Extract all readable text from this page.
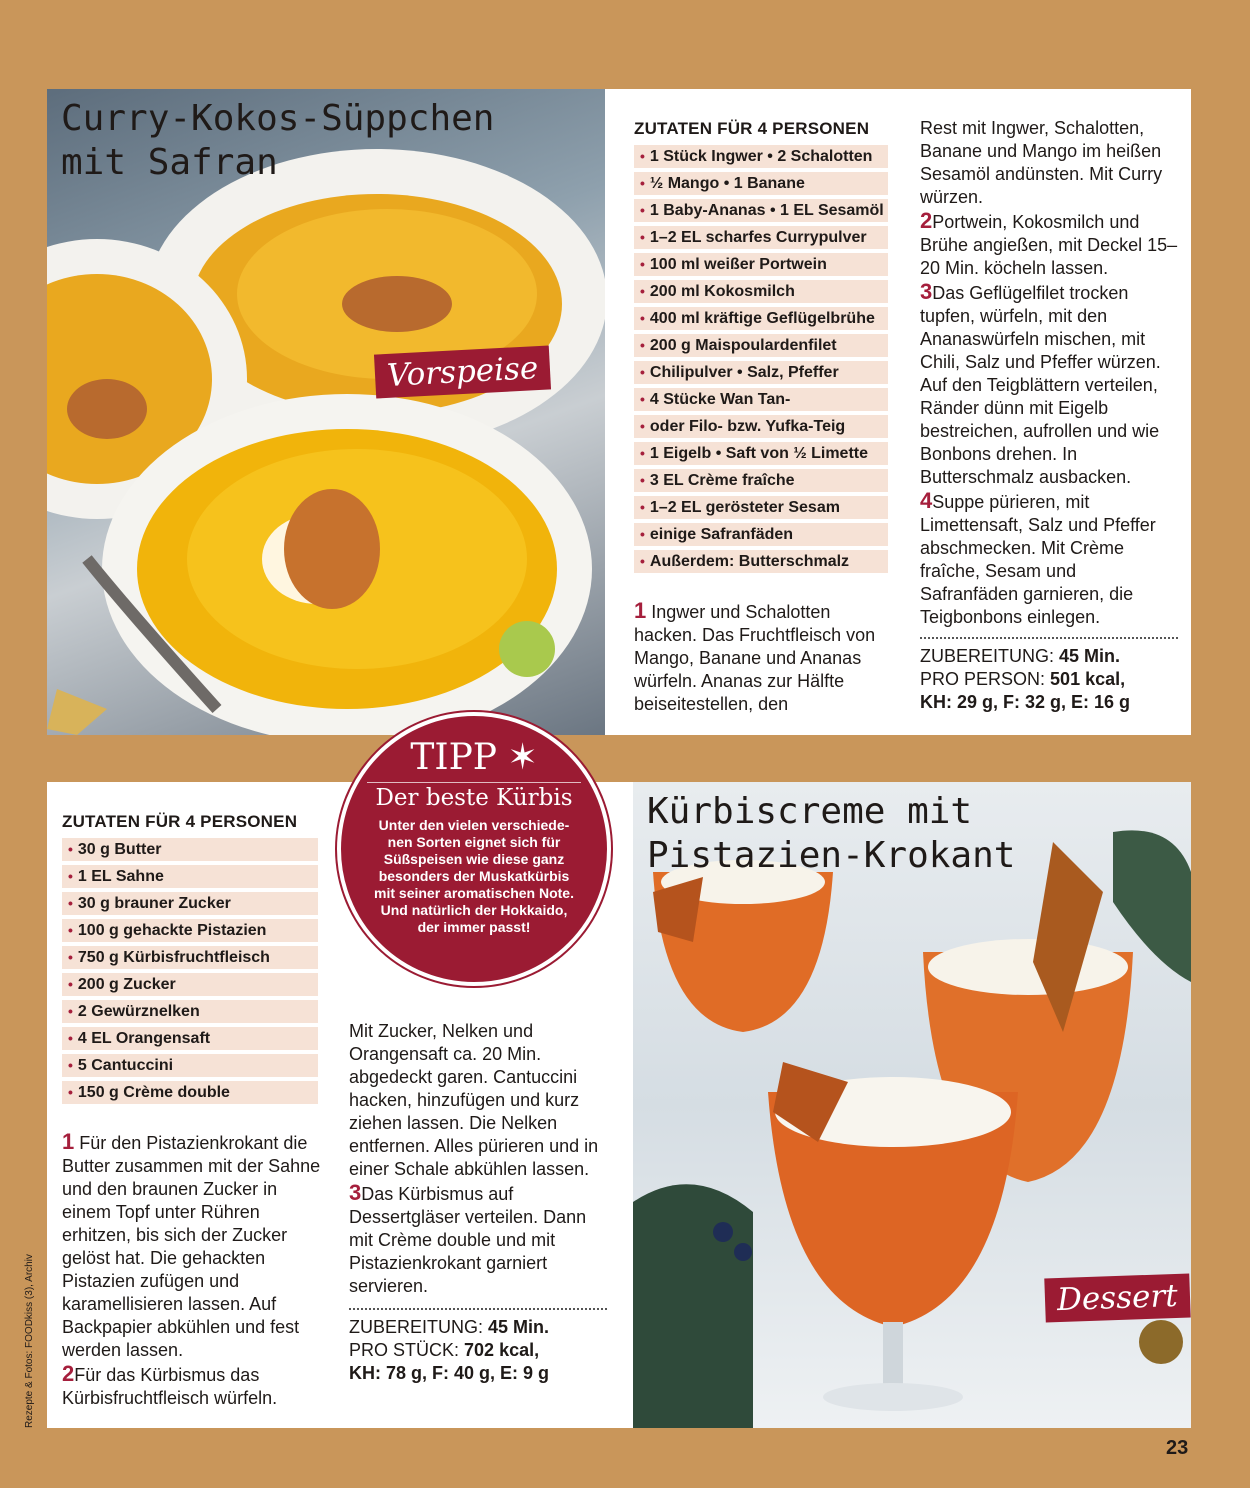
Curry-Kokos-Süppchen
mit Safran
Vorspeise
ZUTATEN FÜR 4 PERSONEN
• 1 Stück Ingwer • 2 Schalotten
• ½ Mango • 1 Banane
• 1 Baby-Ananas • 1 EL Sesamöl
• 1–2 EL scharfes Currypulver
• 100 ml weißer Portwein
• 200 ml Kokosmilch
• 400 ml kräftige Geflügelbrühe
• 200 g Maispoulardenfilet
• Chilipulver • Salz, Pfeffer
• 4 Stücke Wan Tan-
• oder Filo- bzw. Yufka-Teig
• 1 Eigelb • Saft von ½ Limette
• 3 EL Crème fraîche
• 1–2 EL gerösteter Sesam
• einige Safranfäden
• Außerdem: Butterschmalz
1 Ingwer und Schalotten hacken. Das Fruchtfleisch von Mango, Banane und Ananas würfeln. Ananas zur Hälfte beiseitestellen, den
Rest mit Ingwer, Schalotten, Banane und Mango im heißen Sesamöl andünsten. Mit Curry würzen.
2Portwein, Kokosmilch und Brühe angießen, mit Deckel 15–20 Min. köcheln lassen.
3Das Geflügelfilet trocken tupfen, würfeln, mit den Ananaswürfeln mischen, mit Chili, Salz und Pfeffer würzen. Auf den Teigblättern verteilen, Ränder dünn mit Eigelb bestreichen, aufrollen und wie Bonbons drehen. In Butterschmalz ausbacken.
4Suppe pürieren, mit Limettensaft, Salz und Pfeffer abschmecken. Mit Crème fraîche, Sesam und Safranfäden garnieren, die Teigbonbons einlegen.
ZUBEREITUNG: 45 Min.
PRO PERSON: 501 kcal,
KH: 29 g, F: 32 g, E: 16 g
ZUTATEN FÜR 4 PERSONEN
• 30 g Butter
• 1 EL Sahne
• 30 g brauner Zucker
• 100 g gehackte Pistazien
• 750 g Kürbisfruchtfleisch
• 200 g Zucker
• 2 Gewürznelken
• 4 EL Orangensaft
• 5 Cantuccini
• 150 g Crème double
1 Für den Pistazienkrokant die Butter zusammen mit der Sahne und den braunen Zucker in einem Topf unter Rühren erhitzen, bis sich der Zucker gelöst hat. Die gehackten Pistazien zufügen und karamellisieren lassen. Auf Backpapier abkühlen und fest werden lassen.
2Für das Kürbismus das Kürbisfruchtfleisch würfeln.
Mit Zucker, Nelken und Orangensaft ca. 20 Min. abgedeckt garen. Cantuccini hacken, hinzufügen und kurz ziehen lassen. Die Nelken entfernen. Alles pürieren und in einer Schale abkühlen lassen.
3Das Kürbismus auf Dessertgläser verteilen. Dann mit Crème double und mit Pistazienkrokant garniert servieren.
ZUBEREITUNG: 45 Min.
PRO STÜCK: 702 kcal,
KH: 78 g, F: 40 g, E: 9 g
Kürbiscreme mit
Pistazien-Krokant
Dessert
TIPP ✶
Der beste Kürbis
Unter den vielen verschiede-nen Sorten eignet sich für Süßspeisen wie diese ganz besonders der Muskatkürbis mit seiner aromatischen Note. Und natürlich der Hokkaido, der immer passt!
Rezepte & Fotos: FOODkiss (3), Archiv
23
